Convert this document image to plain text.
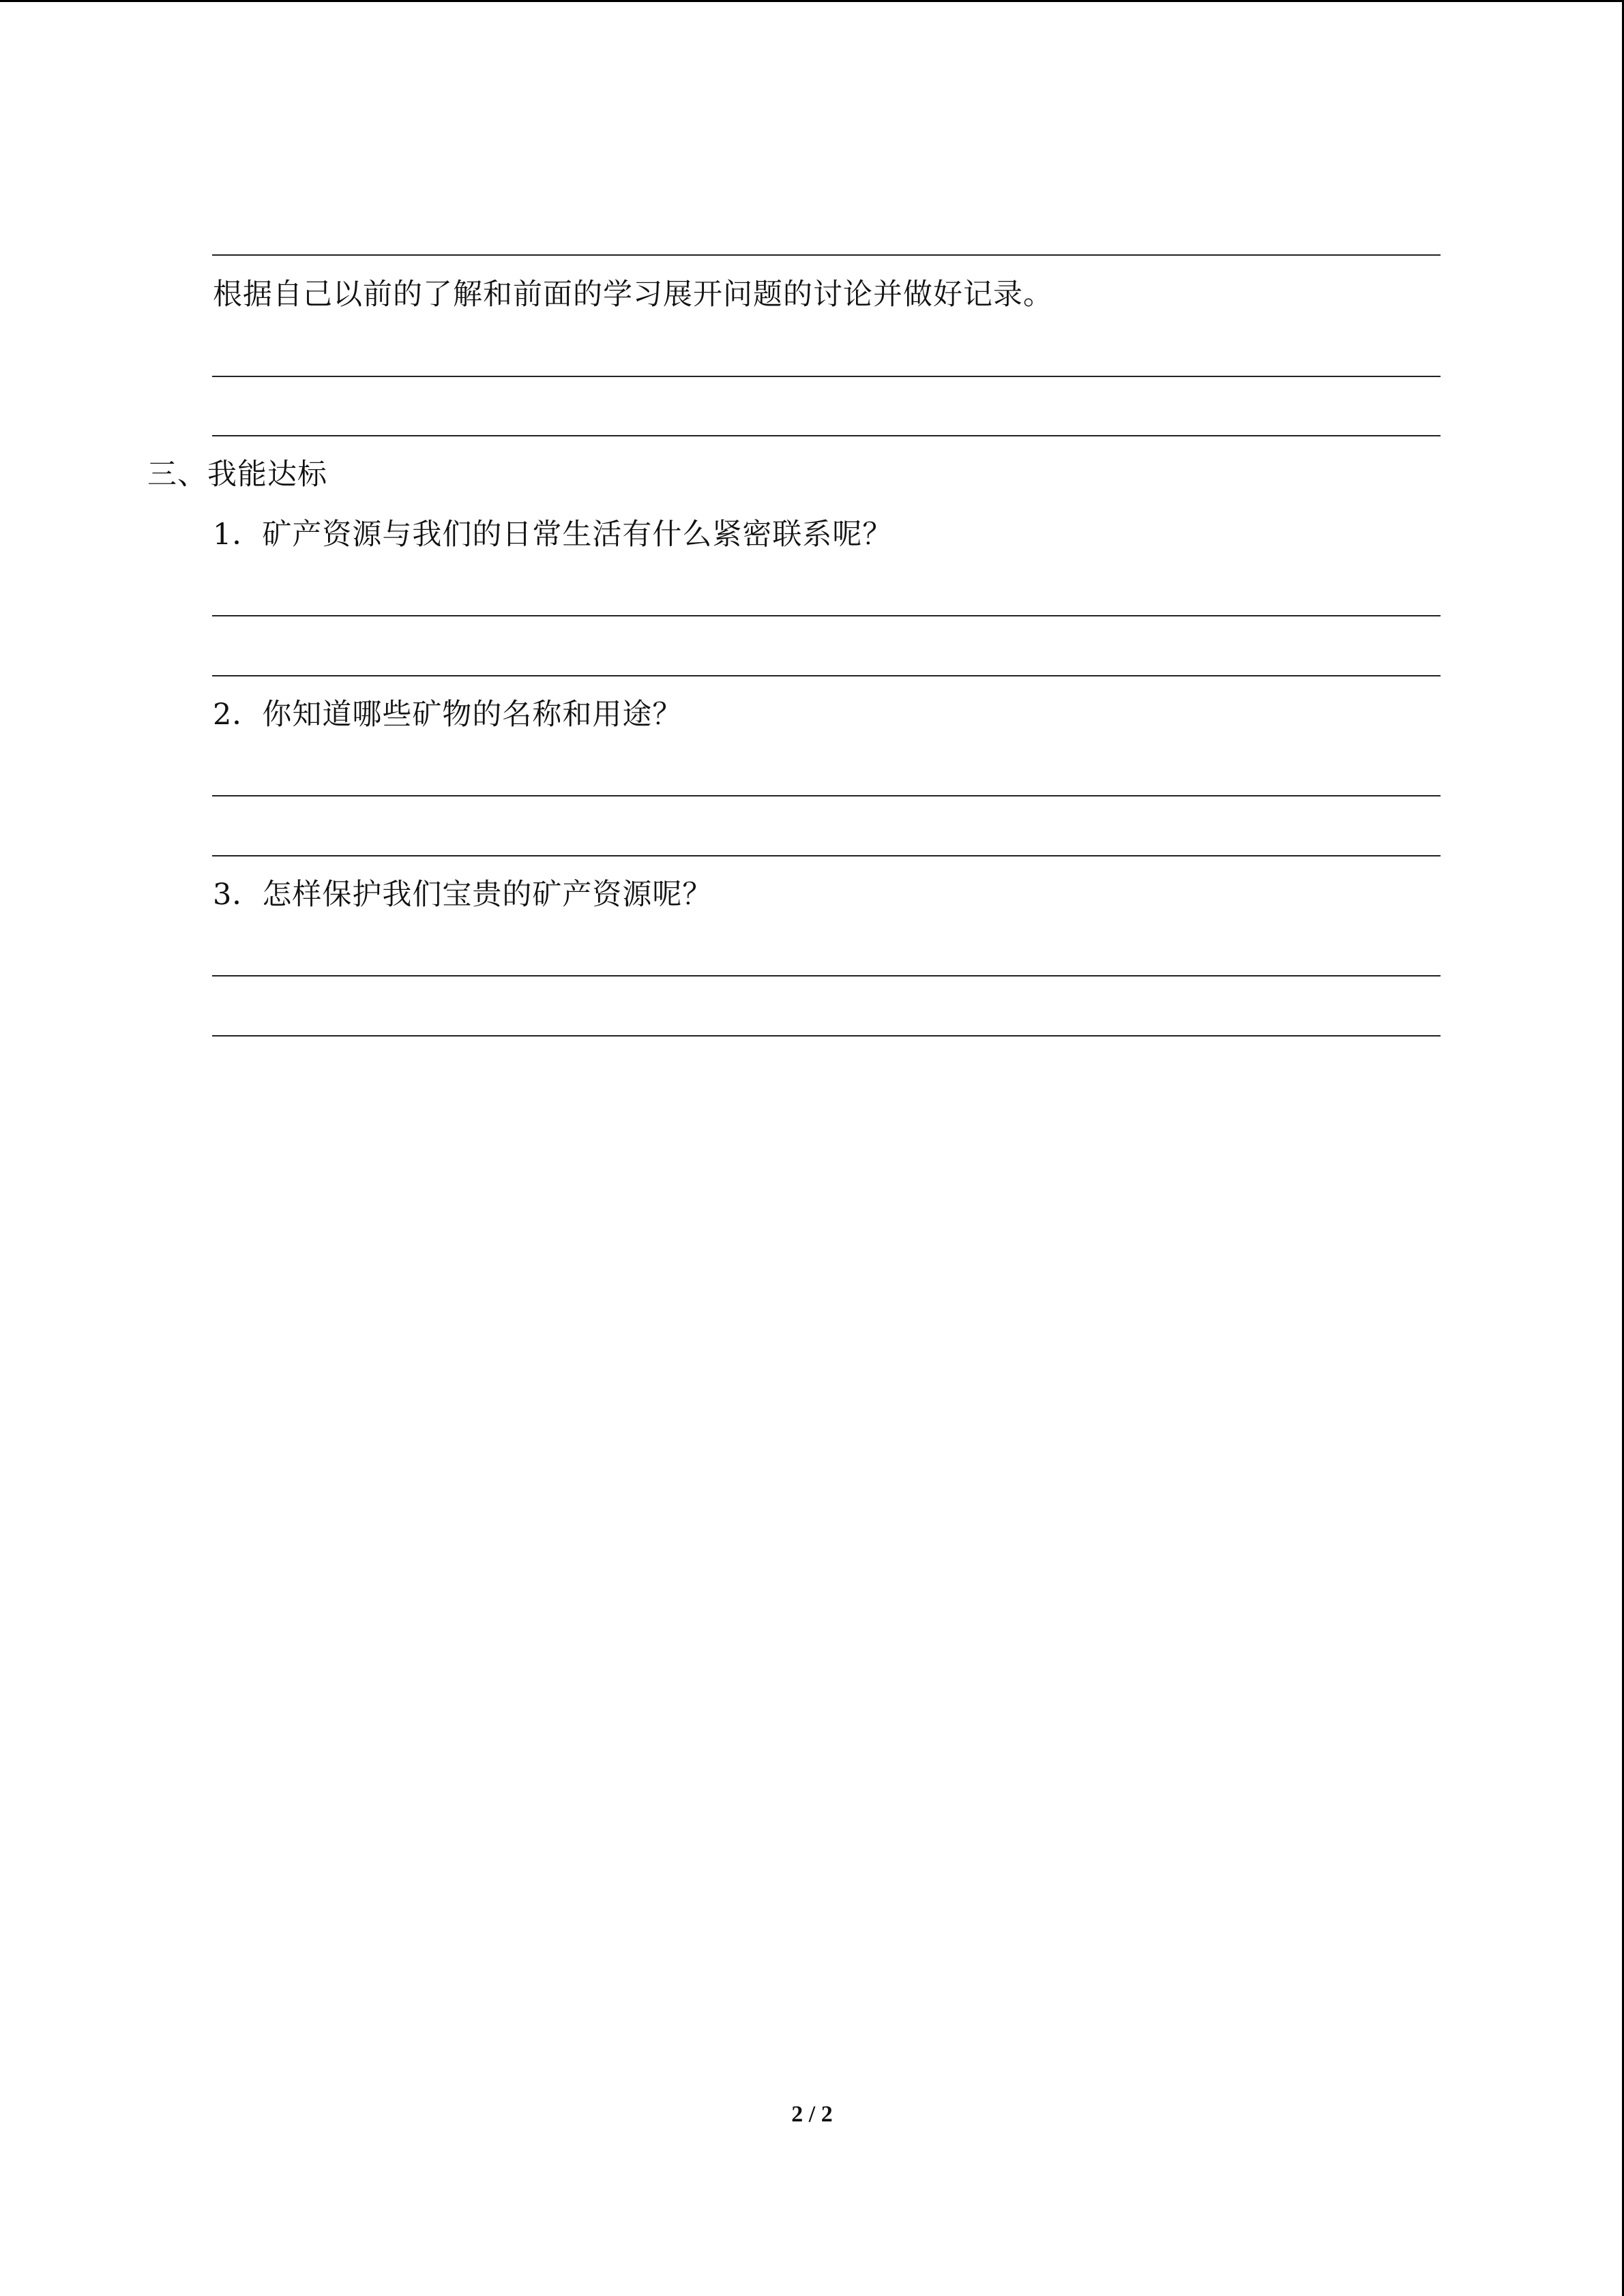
根据自己以前的了解和前面的学习展开问题的讨论并做好记录。
三、我能达标
1．矿产资源与我们的日常生活有什么紧密联系呢？
2．你知道哪些矿物的名称和用途？
3．怎样保护我们宝贵的矿产资源呢？
2 / 2
